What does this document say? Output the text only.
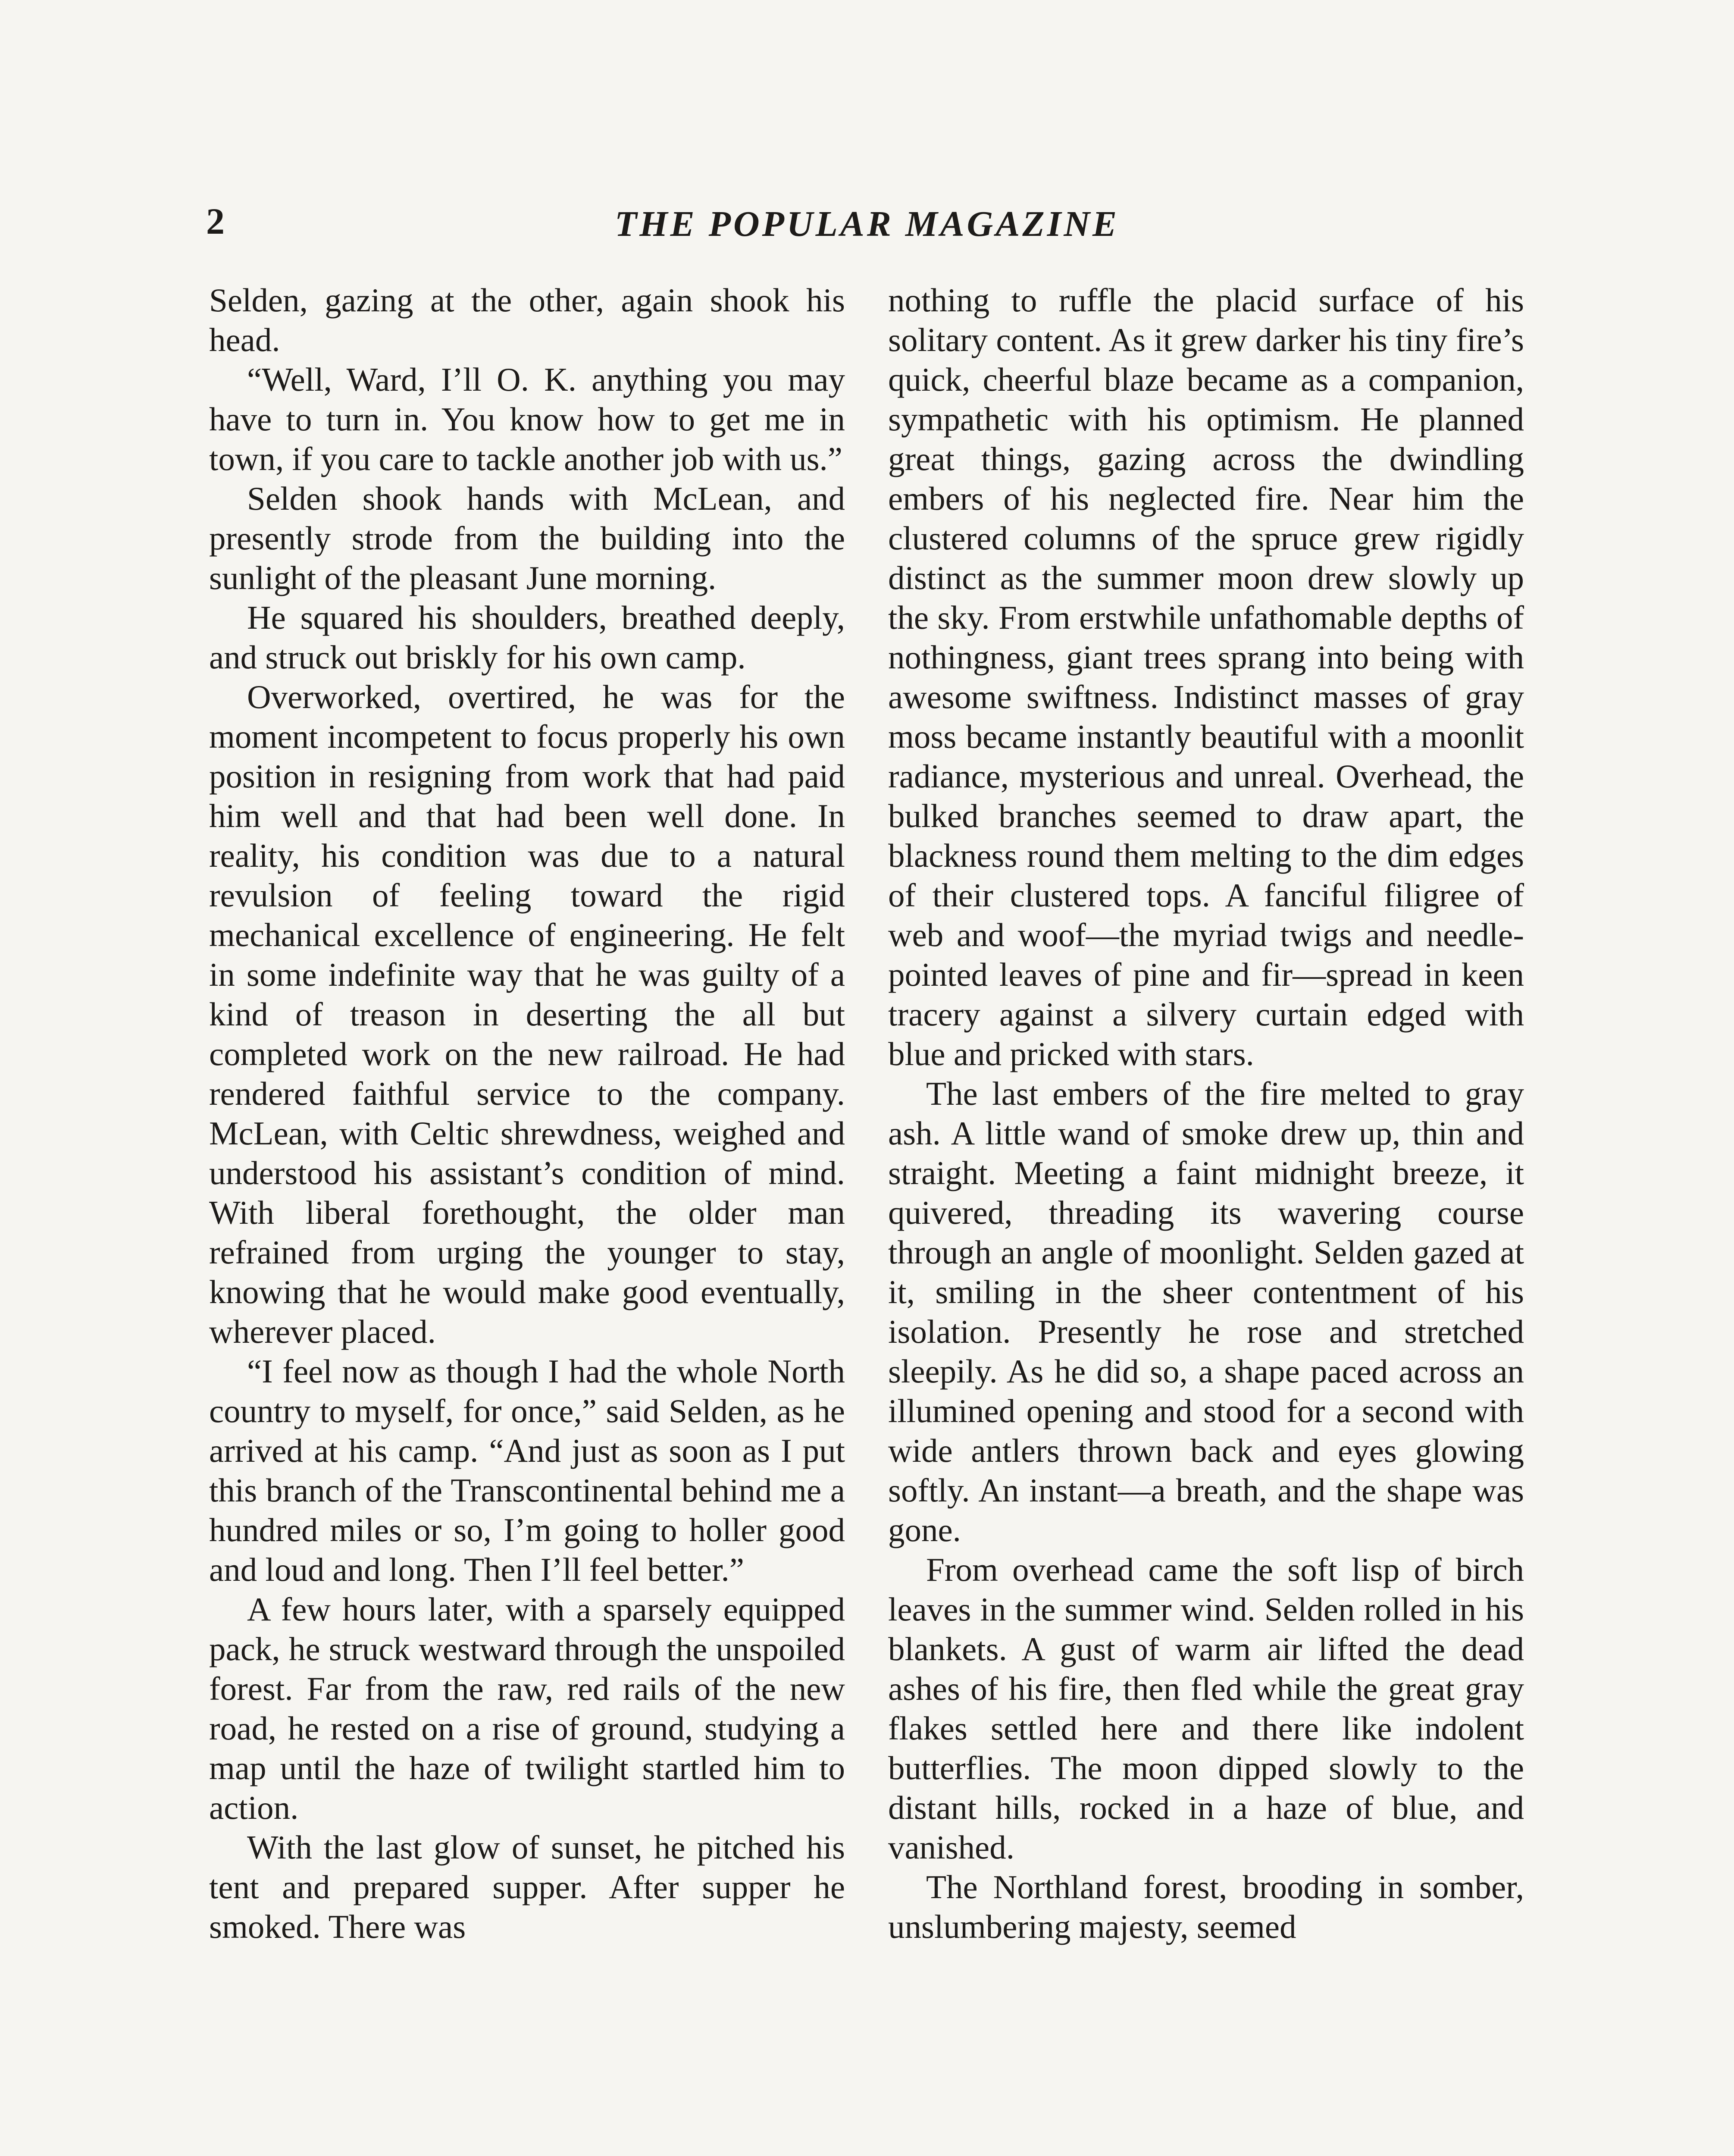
2	THE POPULAR MAGAZINE

Selden, gazing at the other, again shook his head.

“Well, Ward, I’ll O. K. anything you may have to turn in. You know how to get me in town, if you care to tackle another job with us.”

Selden shook hands with McLean, and presently strode from the building into the sunlight of the pleasant June morning.

He squared his shoulders, breathed deeply, and struck out briskly for his own camp.

Overworked, overtired, he was for the moment incompetent to focus properly his own position in resigning from work that had paid him well and that had been well done. In reality, his condition was due to a natural revulsion of feeling toward the rigid mechanical excellence of engineering. He felt in some indefinite way that he was guilty of a kind of treason in deserting the all but completed work on the new railroad. He had rendered faithful service to the company. McLean, with Celtic shrewdness, weighed and understood his assistant’s condition of mind. With liberal forethought, the older man refrained from urging the younger to stay, knowing that he would make good eventually, wherever placed.

“I feel now as though I had the whole North country to myself, for once,” said Selden, as he arrived at his camp. “And just as soon as I put this branch of the Transcontinental behind me a hundred miles or so, I’m going to holler good and loud and long. Then I’ll feel better.”

A few hours later, with a sparsely equipped pack, he struck westward through the unspoiled forest. Far from the raw, red rails of the new road, he rested on a rise of ground, studying a map until the haze of twilight startled him to action.

With the last glow of sunset, he pitched his tent and prepared supper. After supper he smoked. There was

nothing to ruffle the placid surface of his solitary content. As it grew darker his tiny fire’s quick, cheerful blaze became as a companion, sympathetic with his optimism. He planned great things, gazing across the dwindling embers of his neglected fire. Near him the clustered columns of the spruce grew rigidly distinct as the summer moon drew slowly up the sky. From erstwhile unfathomable depths of nothingness, giant trees sprang into being with awesome swiftness. Indistinct masses of gray moss became instantly beautiful with a moonlit radiance, mysterious and unreal. Overhead, the bulked branches seemed to draw apart, the blackness round them melting to the dim edges of their clustered tops. A fanciful filigree of web and woof—the myriad twigs and needle-pointed leaves of pine and fir—spread in keen tracery against a silvery curtain edged with blue and pricked with stars.

The last embers of the fire melted to gray ash. A little wand of smoke drew up, thin and straight. Meeting a faint midnight breeze, it quivered, threading its wavering course through an angle of moonlight. Selden gazed at it, smiling in the sheer contentment of his isolation. Presently he rose and stretched sleepily. As he did so, a shape paced across an illumined opening and stood for a second with wide antlers thrown back and eyes glowing softly. An instant—a breath, and the shape was gone.

From overhead came the soft lisp of birch leaves in the summer wind. Selden rolled in his blankets. A gust of warm air lifted the dead ashes of his fire, then fled while the great gray flakes settled here and there like indolent butterflies. The moon dipped slowly to the distant hills, rocked in a haze of blue, and vanished.

The Northland forest, brooding in somber, unslumbering majesty, seemed
